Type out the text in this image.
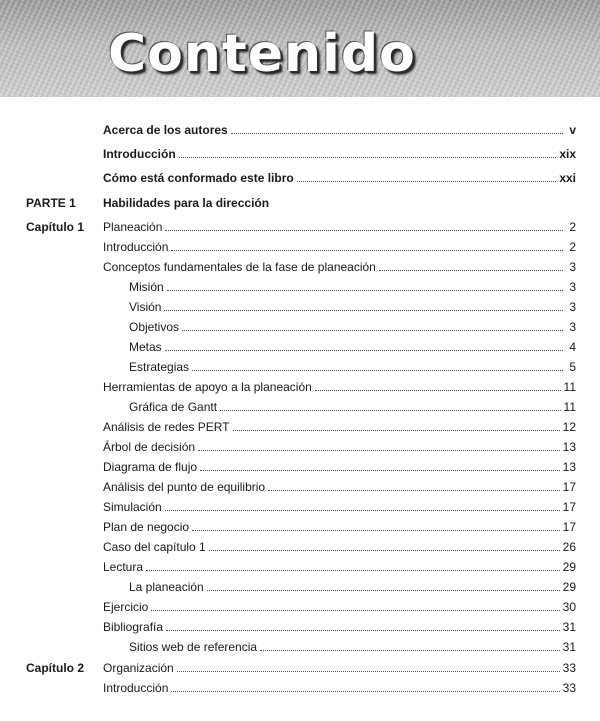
Contenido
Acerca de los autores	v
Introducción	xix
Cómo está conformado este libro	xxi
PARTE 1 Habilidades para la dirección
Capítulo 1 Planeación	2
Introducción	2
Conceptos fundamentales de la fase de planeación	3
Misión	3
Visión	3
Objetivos	3
Metas	4
Estrategias	5
Herramientas de apoyo a la planeación	11
Gráfica de Gantt	11
Análisis de redes PERT	12
Árbol de decisión	13
Diagrama de flujo	13
Análisis del punto de equilibrio	17
Simulación	17
Plan de negocio	17
Caso del capítulo 1	26
Lectura	29
La planeación	29
Ejercicio	30
Bibliografía	31
Sitios web de referencia	31
Capítulo 2 Organización	33
Introducción	33
